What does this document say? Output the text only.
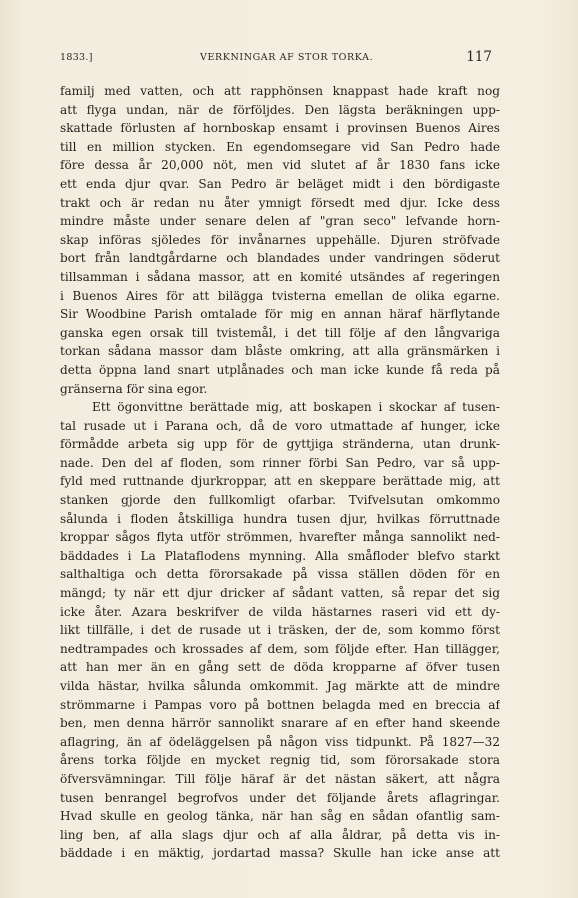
1833.]	VERKNINGAR AF STOR TORKA.	117
familj med vatten, och att rapphönsen knappast hade kraft nog
att flyga undan, när de förföljdes. Den lägsta beräkningen upp-
skattade förlusten af hornboskap ensamt i provinsen Buenos Aires
till en million stycken. En egendomsegare vid San Pedro hade
före dessa år 20,000 nöt, men vid slutet af år 1830 fans icke
ett enda djur qvar. San Pedro är beläget midt i den bördigaste
trakt och är redan nu åter ymnigt försedt med djur. Icke dess
mindre måste under senare delen af "gran seco" lefvande horn-
skap införas sjöledes för invånarnes uppehälle. Djuren ströfvade
bort från landtgårdarne och blandades under vandringen söderut
tillsamman i sådana massor, att en komité utsändes af regeringen
i Buenos Aires för att bilägga tvisterna emellan de olika egarne.
Sir Woodbine Parish omtalade för mig en annan häraf härflytande
ganska egen orsak till tvistemål, i det till följe af den långvariga
torkan sådana massor dam blåste omkring, att alla gränsmärken i
detta öppna land snart utplånades och man icke kunde få reda på
gränserna för sina egor.
Ett ögonvittne berättade mig, att boskapen i skockar af tusen-
tal rusade ut i Parana och, då de voro utmattade af hunger, icke
förmådde arbeta sig upp för de gyttjiga stränderna, utan drunk-
nade. Den del af floden, som rinner förbi San Pedro, var så upp-
fyld med ruttnande djurkroppar, att en skeppare berättade mig, att
stanken gjorde den fullkomligt ofarbar. Tvifvelsutan omkommo
sålunda i floden åtskilliga hundra tusen djur, hvilkas förruttnade
kroppar sågos flyta utför strömmen, hvarefter många sannolikt ned-
bäddades i La Plataflodens mynning. Alla småfloder blefvo starkt
salthaltiga och detta förorsakade på vissa ställen döden för en
mängd; ty när ett djur dricker af sådant vatten, så repar det sig
icke åter. Azara beskrifver de vilda hästarnes raseri vid ett dy-
likt tillfälle, i det de rusade ut i träsken, der de, som kommo först
nedtrampades och krossades af dem, som följde efter. Han tillägger,
att han mer än en gång sett de döda kropparne af öfver tusen
vilda hästar, hvilka sålunda omkommit. Jag märkte att de mindre
strömmarne i Pampas voro på bottnen belagda med en breccia af
ben, men denna härrör sannolikt snarare af en efter hand skeende
aflagring, än af ödeläggelsen på någon viss tidpunkt. På 1827—32
årens torka följde en mycket regnig tid, som förorsakade stora
öfversvämningar. Till följe häraf är det nästan säkert, att några
tusen benrangel begrofvos under det följande årets aflagringar.
Hvad skulle en geolog tänka, när han såg en sådan ofantlig sam-
ling ben, af alla slags djur och af alla åldrar, på detta vis in-
bäddade i en mäktig, jordartad massa? Skulle han icke anse att
